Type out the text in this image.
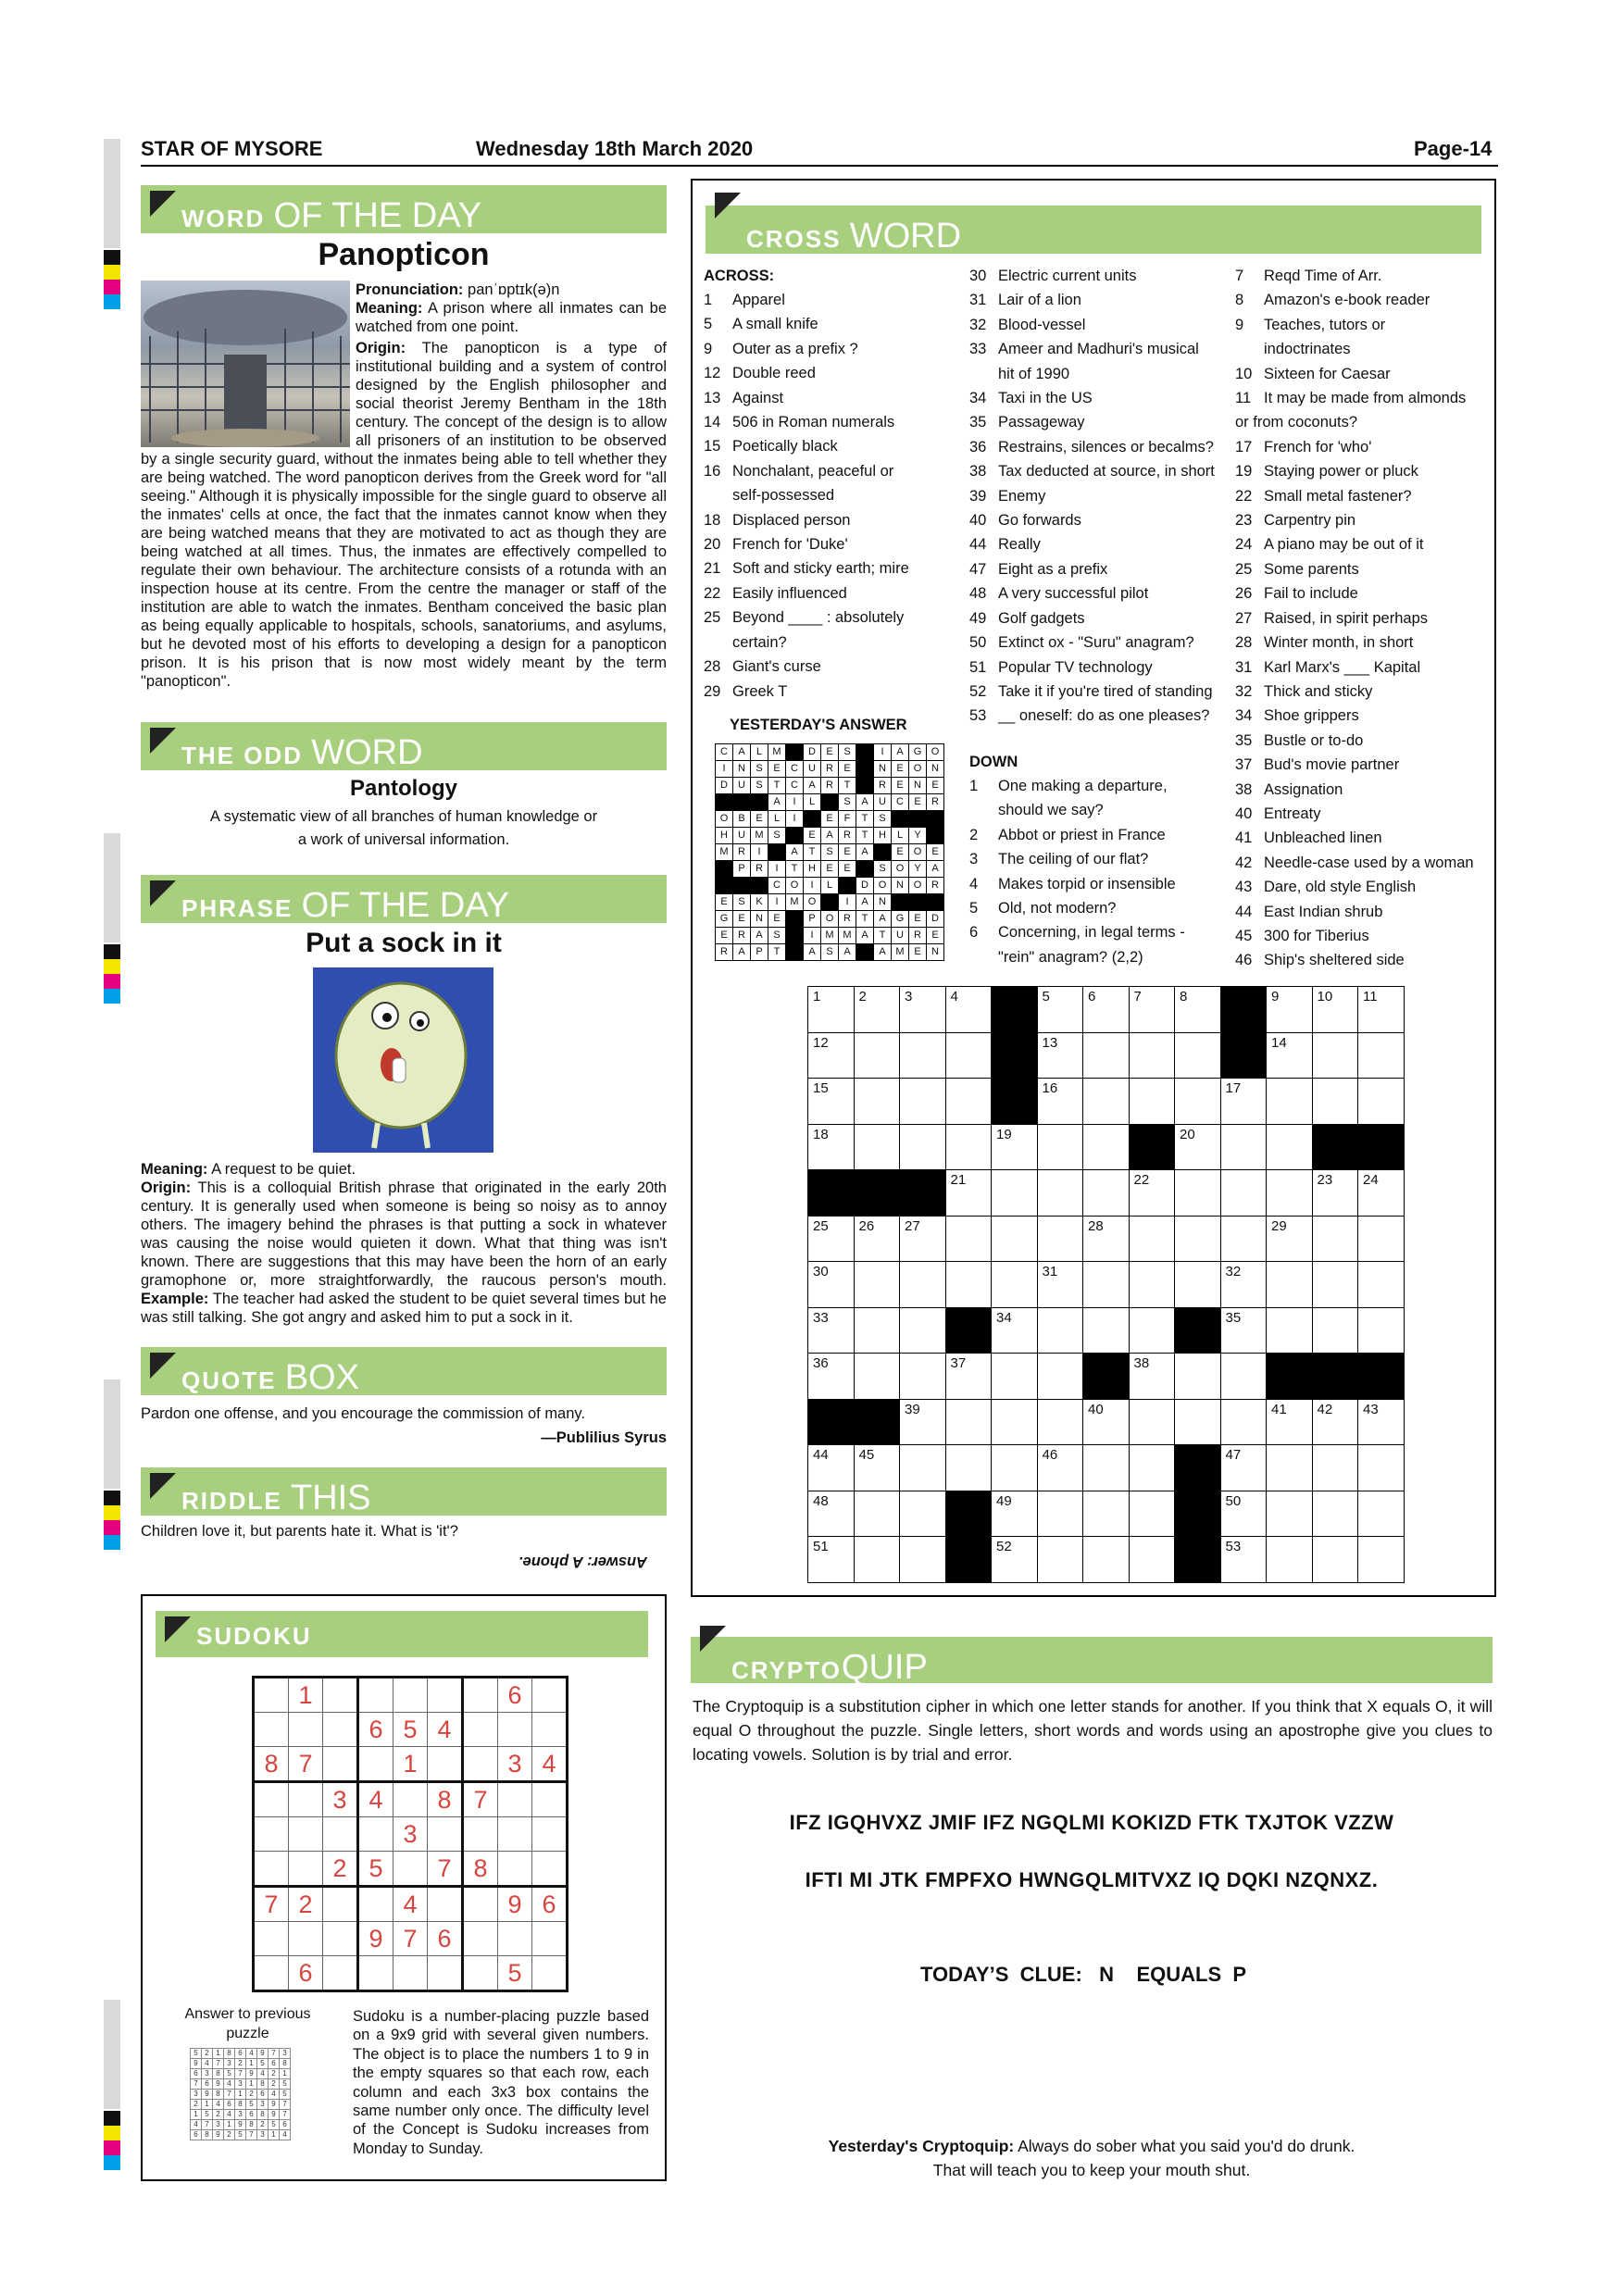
STAR OF MYSORE	Wednesday 18th March 2020	Page-14
WORD OF THE DAY
Panopticon
Pronunciation: panˈɒptɪk(ə)n
Meaning: A prison where all inmates can be watched from one point.
Origin: The panopticon is a type of institutional building and a system of control designed by the English philosopher and social theorist Jeremy Bentham in the 18th century. The concept of the design is to allow all prisoners of an institution to be observed by a single security guard, without the inmates being able to tell whether they are being watched. The word panopticon derives from the Greek word for "all seeing." Although it is physically impossible for the single guard to observe all the inmates' cells at once, the fact that the inmates cannot know when they are being watched means that they are motivated to act as though they are being watched at all times. Thus, the inmates are effectively compelled to regulate their own behaviour. The architecture consists of a rotunda with an inspection house at its centre. From the centre the manager or staff of the institution are able to watch the inmates. Bentham conceived the basic plan as being equally applicable to hospitals, schools, sanatoriums, and asylums, but he devoted most of his efforts to developing a design for a panopticon prison. It is his prison that is now most widely meant by the term "panopticon".
THE ODD WORD
Pantology
A systematic view of all branches of human knowledge or
a work of universal information.
PHRASE OF THE DAY
Put a sock in it
Meaning: A request to be quiet.
Origin: This is a colloquial British phrase that originated in the early 20th century. It is generally used when someone is being so noisy as to annoy others. The imagery behind the phrases is that putting a sock in whatever was causing the noise would quieten it down. What that thing was isn't known. There are suggestions that this may have been the horn of an early gramophone or, more straightforwardly, the raucous person's mouth. Example: The teacher had asked the student to be quiet several times but he was still talking. She got angry and asked him to put a sock in it.
QUOTE BOX
Pardon one offense, and you encourage the commission of many.
—Publilius Syrus
RIDDLE THIS
Children love it, but parents hate it. What is 'it'?
Answer: A phone.
SUDOKU
	1						6	
			6	5	4			
8	7			1			3	4
		3	4		8	7		
				3				
		2	5		7	8		
7	2			4			9	6
			9	7	6			
	6						5	
Answer to previous puzzle
5	2	1	8	6	4	9	7	3
9	4	7	3	2	1	5	6	8
6	3	8	5	7	9	4	2	1
7	6	9	4	3	1	8	2	5
3	9	8	7	1	2	6	4	5
2	1	4	6	8	5	3	9	7
1	5	2	4	3	6	8	9	7
4	7	3	1	9	8	2	5	6
6	8	9	2	5	7	3	1	4
Sudoku is a number-placing puzzle based on a 9x9 grid with several given numbers. The object is to place the numbers 1 to 9 in the empty squares so that each row, each column and each 3x3 box contains the same number only once. The difficulty level of the Concept is Sudoku increases from Monday to Sunday.
CROSS WORD
ACROSS:
1 Apparel
5 A small knife
9 Outer as a prefix ?
12 Double reed
13 Against
14 506 in Roman numerals
15 Poetically black
16 Nonchalant, peaceful or
self-possessed
18 Displaced person
20 French for 'Duke'
21 Soft and sticky earth; mire
22 Easily influenced
25 Beyond ____ : absolutely
certain?
28 Giant's curse
29 Greek T
30 Electric current units
31 Lair of a lion
32 Blood-vessel
33 Ameer and Madhuri's musical
hit of 1990
34 Taxi in the US
35 Passageway
36 Restrains, silences or becalms?
38 Tax deducted at source, in short
39 Enemy
40 Go forwards
44 Really
47 Eight as a prefix
48 A very successful pilot
49 Golf gadgets
50 Extinct ox - "Suru" anagram?
51 Popular TV technology
52 Take it if you're tired of standing
53 __ oneself: do as one pleases?
DOWN
1 One making a departure,
should we say?
2 Abbot or priest in France
3 The ceiling of our flat?
4 Makes torpid or insensible
5 Old, not modern?
6 Concerning, in legal terms -
"rein" anagram? (2,2)
7 Reqd Time of Arr.
8 Amazon's e-book reader
9 Teaches, tutors or
indoctrinates
10 Sixteen for Caesar
11 It may be made from almonds
or from coconuts?
17 French for 'who'
19 Staying power or pluck
22 Small metal fastener?
23 Carpentry pin
24 A piano may be out of it
25 Some parents
26 Fail to include
27 Raised, in spirit perhaps
28 Winter month, in short
31 Karl Marx's ___ Kapital
32 Thick and sticky
34 Shoe grippers
35 Bustle or to-do
37 Bud's movie partner
38 Assignation
40 Entreaty
41 Unbleached linen
42 Needle-case used by a woman
43 Dare, old style English
44 East Indian shrub
45 300 for Tiberius
46 Ship's sheltered side
YESTERDAY'S ANSWER
C	A	L	M		D	E	S		I	A	G	O
I	N	S	E	C	U	R	E		N	E	O	N
D	U	S	T	C	A	R	T		R	E	N	E
			A	I	L		S	A	U	C	E	R
O	B	E	L	I		E	F	T	S			
H	U	M	S		E	A	R	T	H	L	Y	
M	R	I		A	T	S	E	A		E	O	E
	P	R	I	T	H	E	E		S	O	Y	A
			C	O	I	L		D	O	N	O	R
E	S	K	I	M	O		I	A	N			
G	E	N	E		P	O	R	T	A	G	E	D
E	R	A	S		I	M	M	A	T	U	R	E
R	A	P	T		A	S	A		A	M	E	N
1	2	3	4		5	6	7	8		9	10	11

12					13					14		

15					16				17			

18				19				20				

			21				22				23	24

25	26	27				28				29		

30					31				32			

33				34					35			

36			37				38					

		39				40				41	42	43

44	45				46				47			

48				49					50			

51				52					53			

CRYPTOQUIP
The Cryptoquip is a substitution cipher in which one letter stands for another. If you think that X equals O, it will equal O throughout the puzzle. Single letters, short words and words using an apostrophe give you clues to locating vowels. Solution is by trial and error.
IFZ IGQHVXZ JMIF IFZ NGQLMI KOKIZD FTK TXJTOK VZZW
IFTI MI JTK FMPFXO HWNGQLMITVXZ IQ DQKI NZQNXZ.
TODAY’S  CLUE: N    EQUALS  P
Yesterday's Cryptoquip: Always do sober what you said you'd do drunk.
That will teach you to keep your mouth shut.
